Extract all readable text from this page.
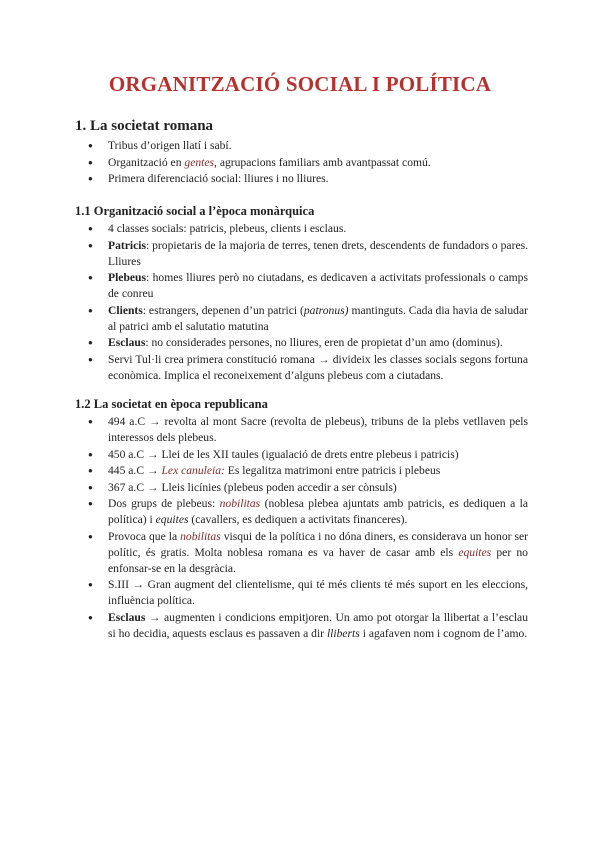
ORGANITZACIÓ SOCIAL I POLÍTICA
1. La societat romana
● Tribus d’origen llatí i sabí.
● Organització en gentes, agrupacions familiars amb avantpassat comú.
● Primera diferenciació social: lliures i no lliures.
1.1 Organització social a l’època monàrquica
● 4 classes socials: patricis, plebeus, clients i esclaus.
● Patricis: propietaris de la majoria de terres, tenen drets, descendents de fundadors o pares. Lliures
● Plebeus: homes lliures però no ciutadans, es dedicaven a activitats professionals o camps de conreu
● Clients: estrangers, depenen d’un patrici (patronus) mantinguts. Cada dia havia de saludar al patrici amb el salutatio matutina
● Esclaus: no considerades persones, no lliures, eren de propietat d’un amo (dominus).
● Servi Tul·li crea primera constitució romana → divideix les classes socials segons fortuna econòmica. Implica el reconeixement d’alguns plebeus com a ciutadans.
1.2 La societat en època republicana
● 494 a.C → revolta al mont Sacre (revolta de plebeus), tribuns de la plebs vetllaven pels interessos dels plebeus.
● 450 a.C → Llei de les XII taules (igualació de drets entre plebeus i patricis)
● 445 a.C → Lex canuleia: Es legalitza matrimoni entre patricis i plebeus
● 367 a.C → Lleis licínies (plebeus poden accedir a ser cònsuls)
● Dos grups de plebeus: nobilitas (noblesa plebea ajuntats amb patricis, es dediquen a la política) i equites (cavallers, es dediquen a activitats financeres).
● Provoca que la nobilitas visqui de la política i no dóna diners, es considerava un honor ser polític, és gratis. Molta noblesa romana es va haver de casar amb els equites per no enfonsar-se en la desgràcia.
● S.III → Gran augment del clientelisme, qui té més clients té més suport en les eleccions, influència política.
● Esclaus → augmenten i condicions empitjoren. Un amo pot otorgar la llibertat a l’esclau si ho decidia, aquests esclaus es passaven a dir lliberts i agafaven nom i cognom de l’amo.
